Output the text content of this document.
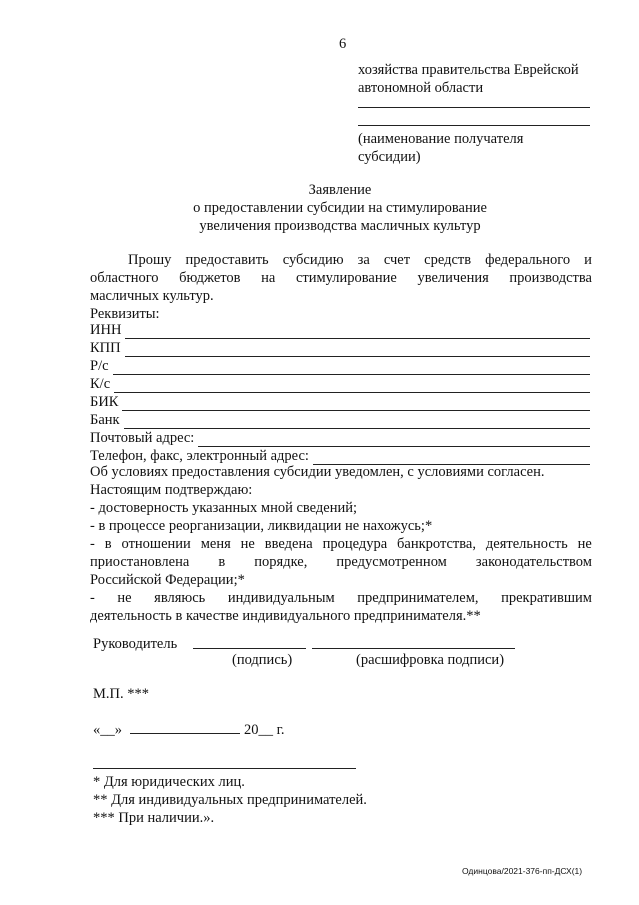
6
хозяйства правительства Еврейской
автономной области
(наименование получателя
субсидии)
Заявление
о предоставлении субсидии на стимулирование
увеличения производства масличных культур
Прошу предоставить субсидию за счет средств федерального и
областного бюджетов на стимулирование увеличения производства
масличных культур.
Реквизиты:
ИНН
КПП
Р/с
К/с
БИК
Банк
Почтовый адрес:
Телефон, факс, электронный адрес:
Об условиях предоставления субсидии уведомлен, с условиями согласен.
Настоящим подтверждаю:
- достоверность указанных мной сведений;
- в процессе реорганизации, ликвидации не нахожусь;*
- в отношении меня не введена процедура банкротства, деятельность не
приостановлена в порядке, предусмотренном законодательством
Российской Федерации;*
- не являюсь индивидуальным предпринимателем, прекратившим
деятельность в качестве индивидуального предпринимателя.**
Руководитель
(подпись)	(расшифровка подписи)
М.П. ***
«__»	20__ г.
* Для юридических лиц.
** Для индивидуальных предпринимателей.
*** При наличии.».
Одинцова/2021-376-пп-ДСХ(1)
